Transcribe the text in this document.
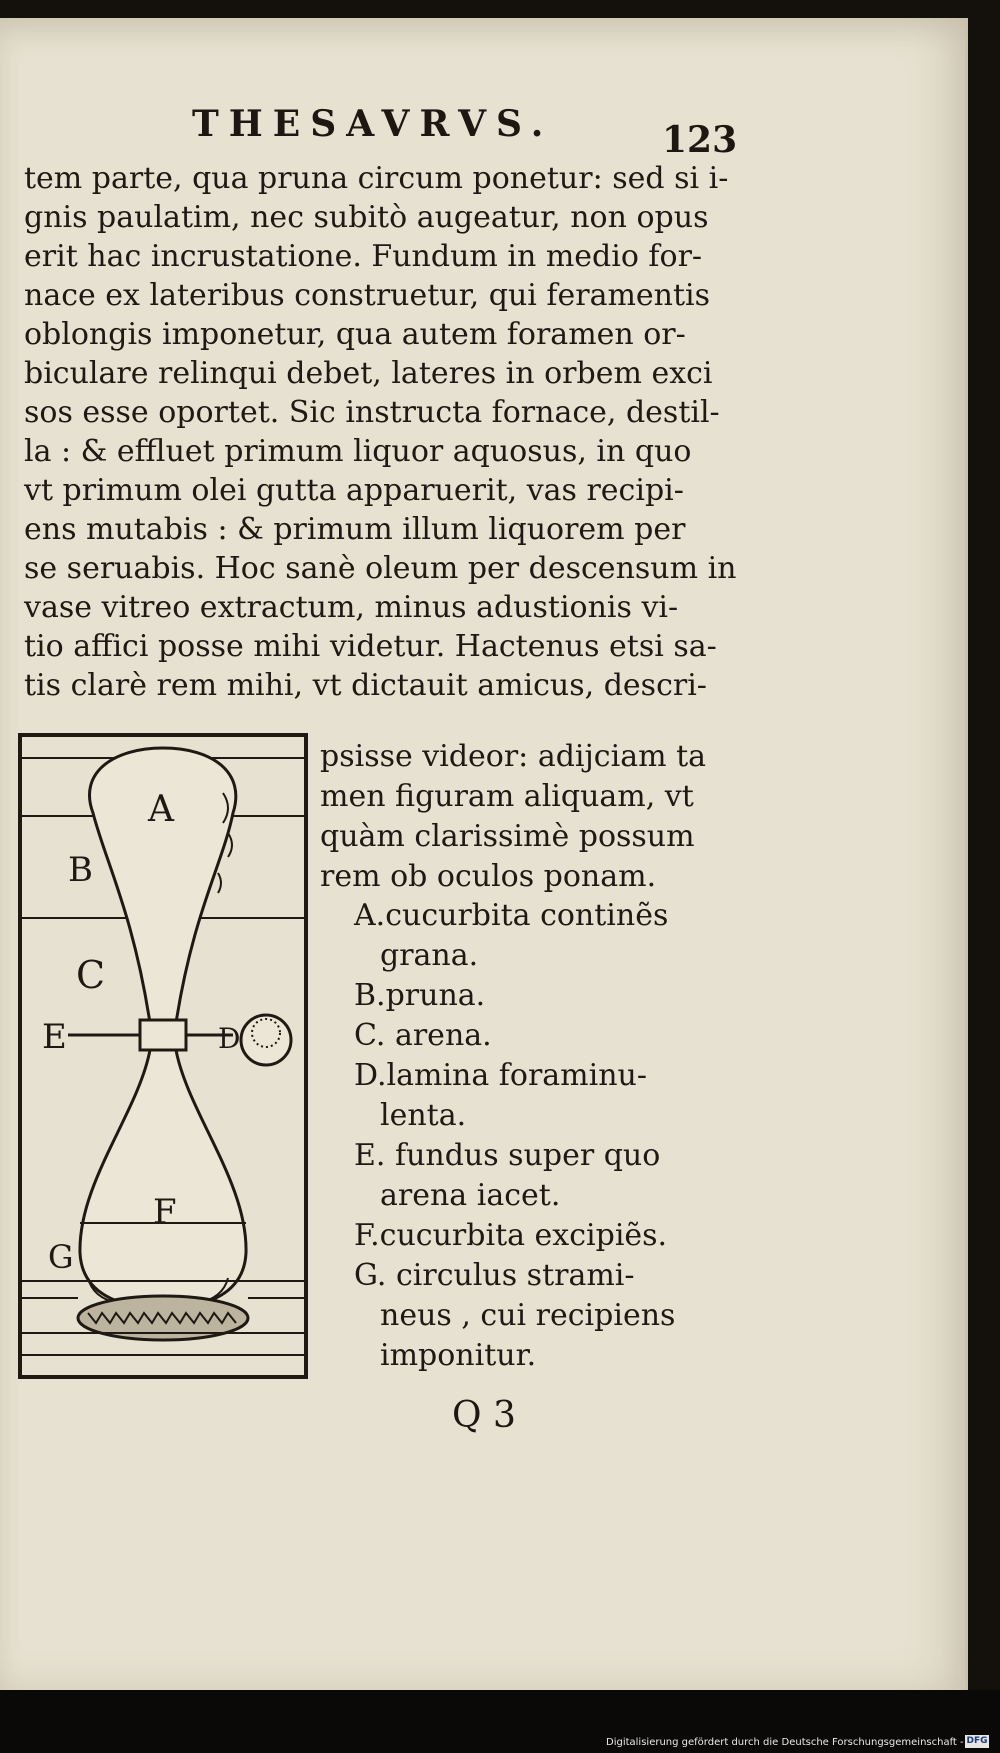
THESAVRVS.	123
tem parte, qua pruna circum ponetur: sed si i-
gnis paulatim, nec subitò augeatur, non opus
erit hac incrustatione. Fundum in medio for-
nace ex lateribus construetur, qui feramentis
oblongis imponetur, qua autem foramen or-
biculare relinqui debet, lateres in orbem exci
sos esse oportet. Sic instructa fornace, destil-
la : & effluet primum liquor aquosus, in quo
vt primum olei gutta apparuerit, vas recipi-
ens mutabis : & primum illum liquorem per
se seruabis. Hoc sanè oleum per descensum in
vase vitreo extractum, minus adustionis vi-
tio affici posse mihi videtur. Hactenus etsi sa-
tis clarè rem mihi, vt dictauit amicus, descri-
psisse videor: adijciam ta
men figuram aliquam, vt
quàm clarissimè possum
rem ob oculos ponam.
A.cucurbita continẽs
grana.
B.pruna.
C. arena.
D.lamina foraminu-
lenta.
E. fundus super quo
arena iacet.
F.cucurbita excipiẽs.
G. circulus strami-
neus , cui recipiens
imponitur.
A
B
C
E	D
F
G
Q 3
Digitalisierung gefördert durch die Deutsche Forschungsgemeinschaft - DFG
